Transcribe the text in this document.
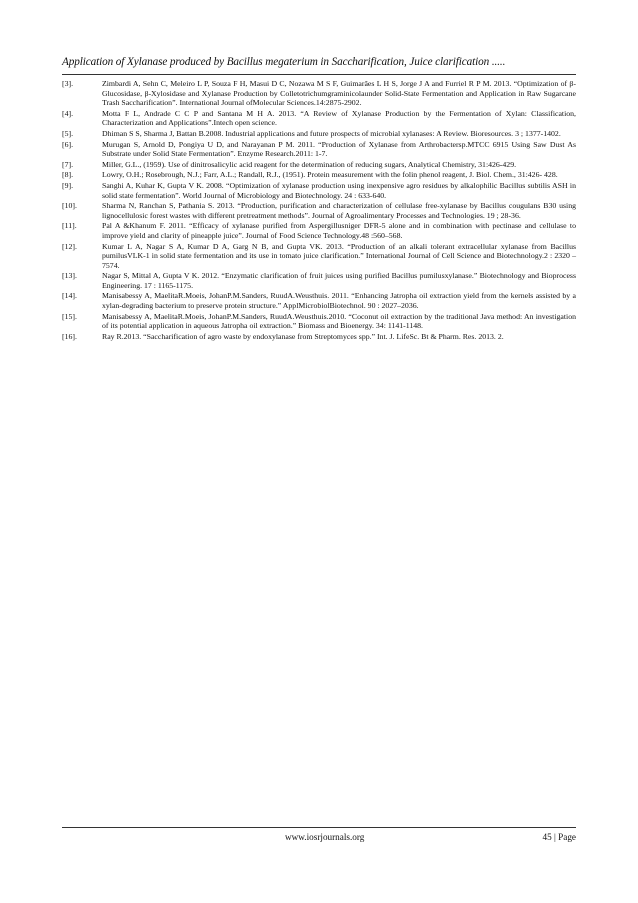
Application of Xylanase produced by Bacillus megaterium in Saccharification, Juice clarification .....
[3].	Zimbardi A, Sehn C, Meleiro L P, Souza F H, Masui D C, Nozawa M S F, Guimarães L H S, Jorge J A and Furriel R P M. 2013. “Optimization of β-Glucosidase, β-Xylosidase and Xylanase Production by Colletotrichumgraminicolaunder Solid-State Fermentation and Application in Raw Sugarcane Trash Saccharification”. International Journal ofMolecular Sciences.14:2875-2902.
[4].	Motta F L, Andrade C C P and Santana M H A. 2013. “A Review of Xylanase Production by the Fermentation of Xylan: Classification, Characterization and Applications”.Intech open science.
[5].	Dhiman S S, Sharma J, Battan B.2008. Industrial applications and future prospects of microbial xylanases: A Review. Bioresources. 3 ; 1377-1402.
[6].	Murugan S, Arnold D, Pongiya U D, and Narayanan P M. 2011. “Production of Xylanase from Arthrobactersp.MTCC 6915 Using Saw Dust As Substrate under Solid State Fermentation”. Enzyme Research.2011: 1-7.
[7].	Miller, G.L., (1959). Use of dinitrosalicylic acid reagent for the determination of reducing sugars, Analytical Chemistry, 31:426-429.
[8].	Lowry, O.H.; Rosebrough, N.J.; Farr, A.L.; Randall, R.J., (1951). Protein measurement with the folin phenol reagent, J. Biol. Chem., 31:426- 428.
[9].	Sanghi A, Kuhar K, Gupta V K. 2008. “Optimization of xylanase production using inexpensive agro residues by alkalophilic Bacillus subtilis ASH in solid state fermentation”. World Journal of Microbiology and Biotechnology. 24 : 633-640.
[10].	Sharma N, Ranchan S, Pathania S. 2013. “Production, purification and characterization of cellulase free-xylanase by Bacillus cougulans B30 using lignocellulosic forest wastes with different pretreatment methods”. Journal of Agroalimentary Processes and Technologies. 19 ; 28-36.
[11].	Pal A &Khanum F. 2011. “Efficacy of xylanase purified from Aspergillusniger DFR-5 alone and in combination with pectinase and cellulase to improve yield and clarity of pineapple juice”. Journal of Food Science Technology.48 :560–568.
[12].	Kumar L A, Nagar S A, Kumar D A, Garg N B, and Gupta VK. 2013. “Production of an alkali tolerant extracellular xylanase from Bacillus pumilusVLK-1 in solid state fermentation and its use in tomato juice clarification.” International Journal of Cell Science and Biotechnology.2 : 2320 –7574.
[13].	Nagar S, Mittal A, Gupta V K. 2012. “Enzymatic clarification of fruit juices using purified Bacillus pumilusxylanase.” Biotechnology and Bioprocess Engineering. 17 : 1165-1175.
[14].	Manisabessy A, MaelitaR.Moeis, JohanP.M.Sanders, RuudA.Weusthuis. 2011. “Enhancing Jatropha oil extraction yield from the kernels assisted by a xylan-degrading bacterium to preserve protein structure.” ApplMicrobiolBiotechnol. 90 : 2027–2036.
[15].	Manisabessy A, MaelitaR.Moeis, JohanP.M.Sanders, RuudA.Weusthuis.2010. “Coconut oil extraction by the traditional Java method: An investigation of its potential application in aqueous Jatropha oil extraction.” Biomass and Bioenergy. 34: 1141-1148.
[16].	Ray R.2013. “Saccharification of agro waste by endoxylanase from Streptomyces spp.” Int. J. LifeSc. Bt & Pharm. Res. 2013. 2.
www.iosrjournals.org	45 | Page
